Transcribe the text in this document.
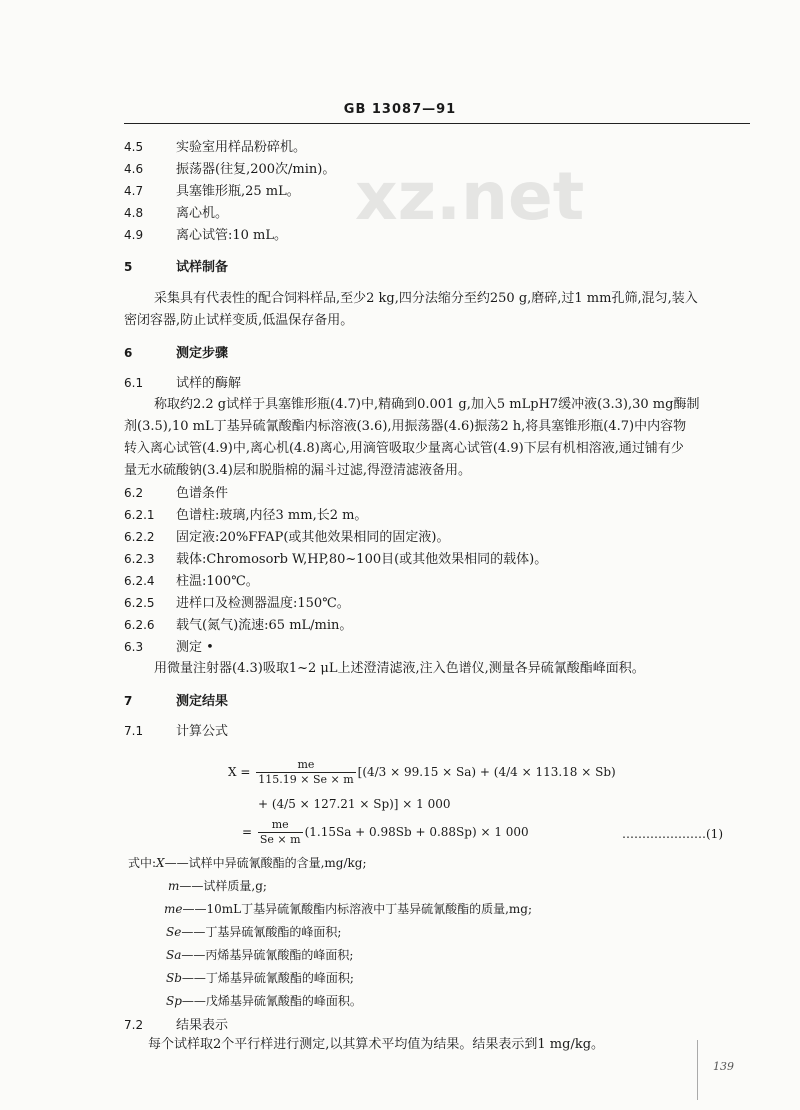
GB 13087—91
xz.net
4.5	实验室用样品粉碎机。
4.6	振荡器(往复,200次/min)。
4.7	具塞锥形瓶,25 mL。
4.8	离心机。
4.9	离心试管:10 mL。
5	试样制备
采集具有代表性的配合饲料样品,至少2 kg,四分法缩分至约250 g,磨碎,过1 mm孔筛,混匀,装入
密闭容器,防止试样变质,低温保存备用。
6	测定步骤
6.1	试样的酶解
称取约2.2 g试样于具塞锥形瓶(4.7)中,精确到0.001 g,加入5 mLpH7缓冲液(3.3),30 mg酶制
剂(3.5),10 mL丁基异硫氰酸酯内标溶液(3.6),用振荡器(4.6)振荡2 h,将具塞锥形瓶(4.7)中内容物
转入离心试管(4.9)中,离心机(4.8)离心,用滴管吸取少量离心试管(4.9)下层有机相溶液,通过铺有少
量无水硫酸钠(3.4)层和脱脂棉的漏斗过滤,得澄清滤液备用。
6.2	色谱条件
6.2.1 色谱柱:玻璃,内径3 mm,长2 m。
6.2.2 固定液:20%FFAP(或其他效果相同的固定液)。
6.2.3 载体:Chromosorb W,HP,80~100目(或其他效果相同的载体)。
6.2.4 柱温:100℃。
6.2.5 进样口及检测器温度:150℃。
6.2.6 载气(氮气)流速:65 mL/min。
6.3	测定 •
用微量注射器(4.3)吸取1~2 μL上述澄清滤液,注入色谱仪,测量各异硫氰酸酯峰面积。
7	测定结果
7.1	计算公式
$X = \frac{me}{115.19 \times Se \times m} [(4/3 \times 99.15 \times Sa) + (4/4 \times 113.18 \times Sb)$
+ (4/5 × 127.21 × Sp)] × 1 000
= $\frac{me}{Se \times m} (1.15Sa + 0.98Sb + 0.88Sp) \times 1$ 000	…………………(1)
式中:X——试样中异硫氰酸酯的含量,mg/kg;
m——试样质量,g;
me——10mL丁基异硫氰酸酯内标溶液中丁基异硫氰酸酯的质量,mg;
Se——丁基异硫氰酸酯的峰面积;
Sa——丙烯基异硫氰酸酯的峰面积;
Sb——丁烯基异硫氰酸酯的峰面积;
Sp——戊烯基异硫氰酸酯的峰面积。
7.2	结果表示
每个试样取2个平行样进行测定,以其算术平均值为结果。结果表示到1 mg/kg。
139
